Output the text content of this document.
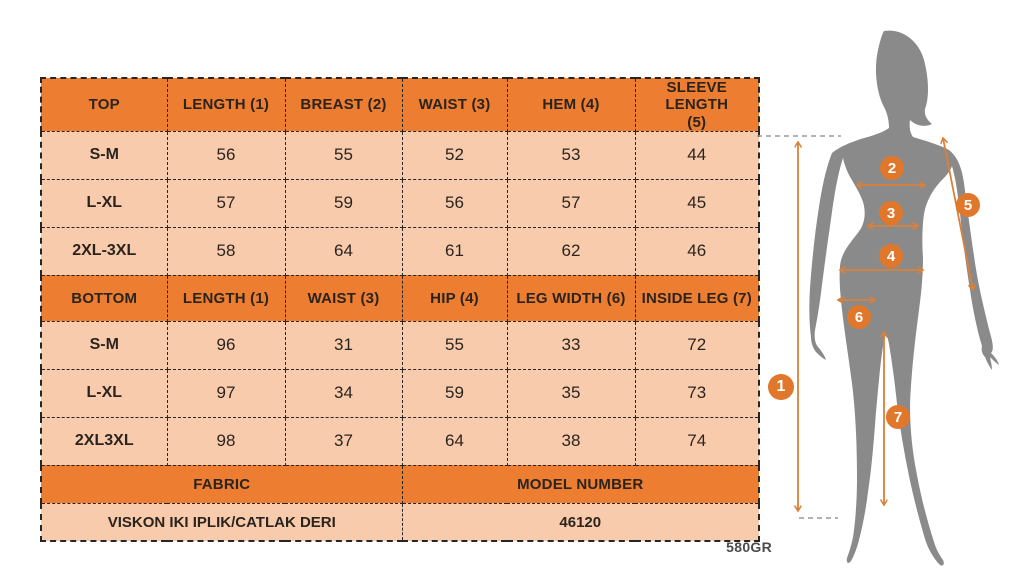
TOP	LENGTH (1)	BREAST (2)	WAIST (3)	HEM (4)	SLEEVE LENGTH (5)
S-M	56	55	52	53	44
L-XL	57	59	56	57	45
2XL-3XL	58	64	61	62	46
BOTTOM	LENGTH (1)	WAIST (3)	HIP (4)	LEG WIDTH (6)	INSIDE LEG (7)
S-M	96	31	55	33	72
L-XL	97	34	59	35	73
2XL3XL	98	37	64	38	74
FABRIC			MODEL NUMBER		
VISKON IKI IPLIK/CATLAK DERI			46120		
580GR
1
2
3
4
5
6
7
